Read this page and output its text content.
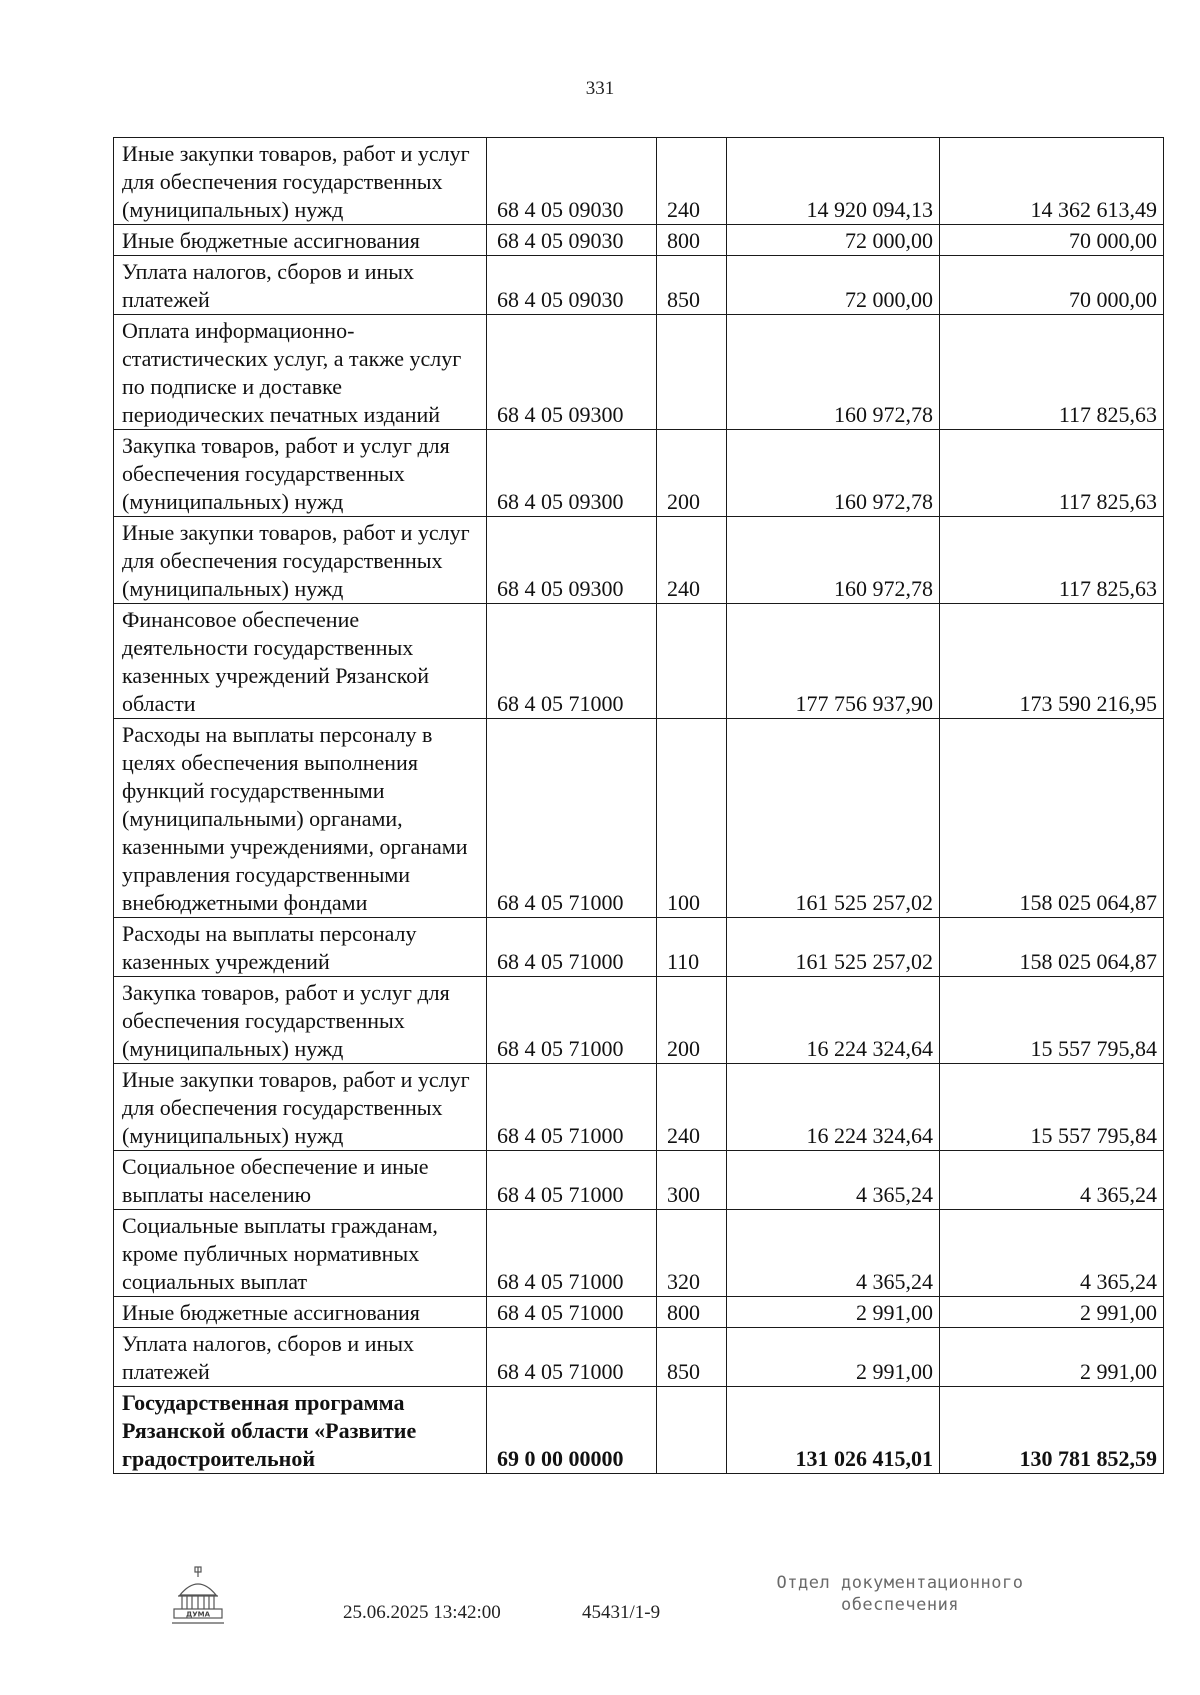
331
Иные закупки товаров, работ и услуг для обеспечения государственных (муниципальных) нужд	68 4 05 09030	240	14 920 094,13	14 362 613,49
Иные бюджетные ассигнования	68 4 05 09030	800	72 000,00	70 000,00
Уплата налогов, сборов и иных платежей	68 4 05 09030	850	72 000,00	70 000,00
Оплата информационно-статистических услуг, а также услуг по подписке и доставке периодических печатных изданий	68 4 05 09300		160 972,78	117 825,63
Закупка товаров, работ и услуг для обеспечения государственных (муниципальных) нужд	68 4 05 09300	200	160 972,78	117 825,63
Иные закупки товаров, работ и услуг для обеспечения государственных (муниципальных) нужд	68 4 05 09300	240	160 972,78	117 825,63
Финансовое обеспечение деятельности государственных казенных учреждений Рязанской области	68 4 05 71000		177 756 937,90	173 590 216,95
Расходы на выплаты персоналу в целях обеспечения выполнения функций государственными (муниципальными) органами, казенными учреждениями, органами управления государственными внебюджетными фондами	68 4 05 71000	100	161 525 257,02	158 025 064,87
Расходы на выплаты персоналу казенных учреждений	68 4 05 71000	110	161 525 257,02	158 025 064,87
Закупка товаров, работ и услуг для обеспечения государственных (муниципальных) нужд	68 4 05 71000	200	16 224 324,64	15 557 795,84
Иные закупки товаров, работ и услуг для обеспечения государственных (муниципальных) нужд	68 4 05 71000	240	16 224 324,64	15 557 795,84
Социальное обеспечение и иные выплаты населению	68 4 05 71000	300	4 365,24	4 365,24
Социальные выплаты гражданам, кроме публичных нормативных социальных выплат	68 4 05 71000	320	4 365,24	4 365,24
Иные бюджетные ассигнования	68 4 05 71000	800	2 991,00	2 991,00
Уплата налогов, сборов и иных платежей	68 4 05 71000	850	2 991,00	2 991,00
Государственная программа Рязанской области «Развитие градостроительной	69 0 00 00000		131 026 415,01	130 781 852,59
ДУМА	25.06.2025 13:42:00	45431/1-9
Отдел документационного
обеспечения
